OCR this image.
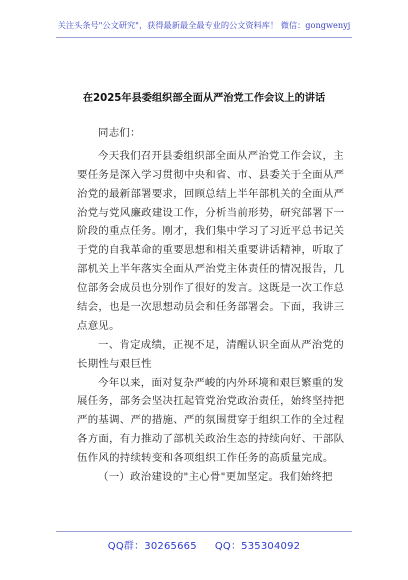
关注头条号"公文研究"，获得最新最全最专业的公文资料库！ 微信：gongwenyj
在2025年县委组织部全面从严治党工作会议上的讲话
同志们：
今天我们召开县委组织部全面从严治党工作会议，主
要任务是深入学习贯彻中央和省、市、县委关于全面从严
治党的最新部署要求，回顾总结上半年部机关的全面从严
治党与党风廉政建设工作，分析当前形势，研究部署下一
阶段的重点任务。刚才，我们集中学习了习近平总书记关
于党的自我革命的重要思想和相关重要讲话精神，听取了
部机关上半年落实全面从严治党主体责任的情况报告，几
位部务会成员也分别作了很好的发言。这既是一次工作总
结会，也是一次思想动员会和任务部署会。下面，我讲三
点意见。
一、肯定成绩，正视不足，清醒认识全面从严治党的
长期性与艰巨性
今年以来，面对复杂严峻的内外环境和艰巨繁重的发
展任务，部务会坚决扛起管党治党政治责任，始终坚持把
严的基调、严的措施、严的氛围贯穿于组织工作的全过程
各方面，有力推动了部机关政治生态的持续向好、干部队
伍作风的持续转变和各项组织工作任务的高质量完成。
（一）政治建设的"主心骨"更加坚定。我们始终把
QQ群：30265665 QQ：535304092
